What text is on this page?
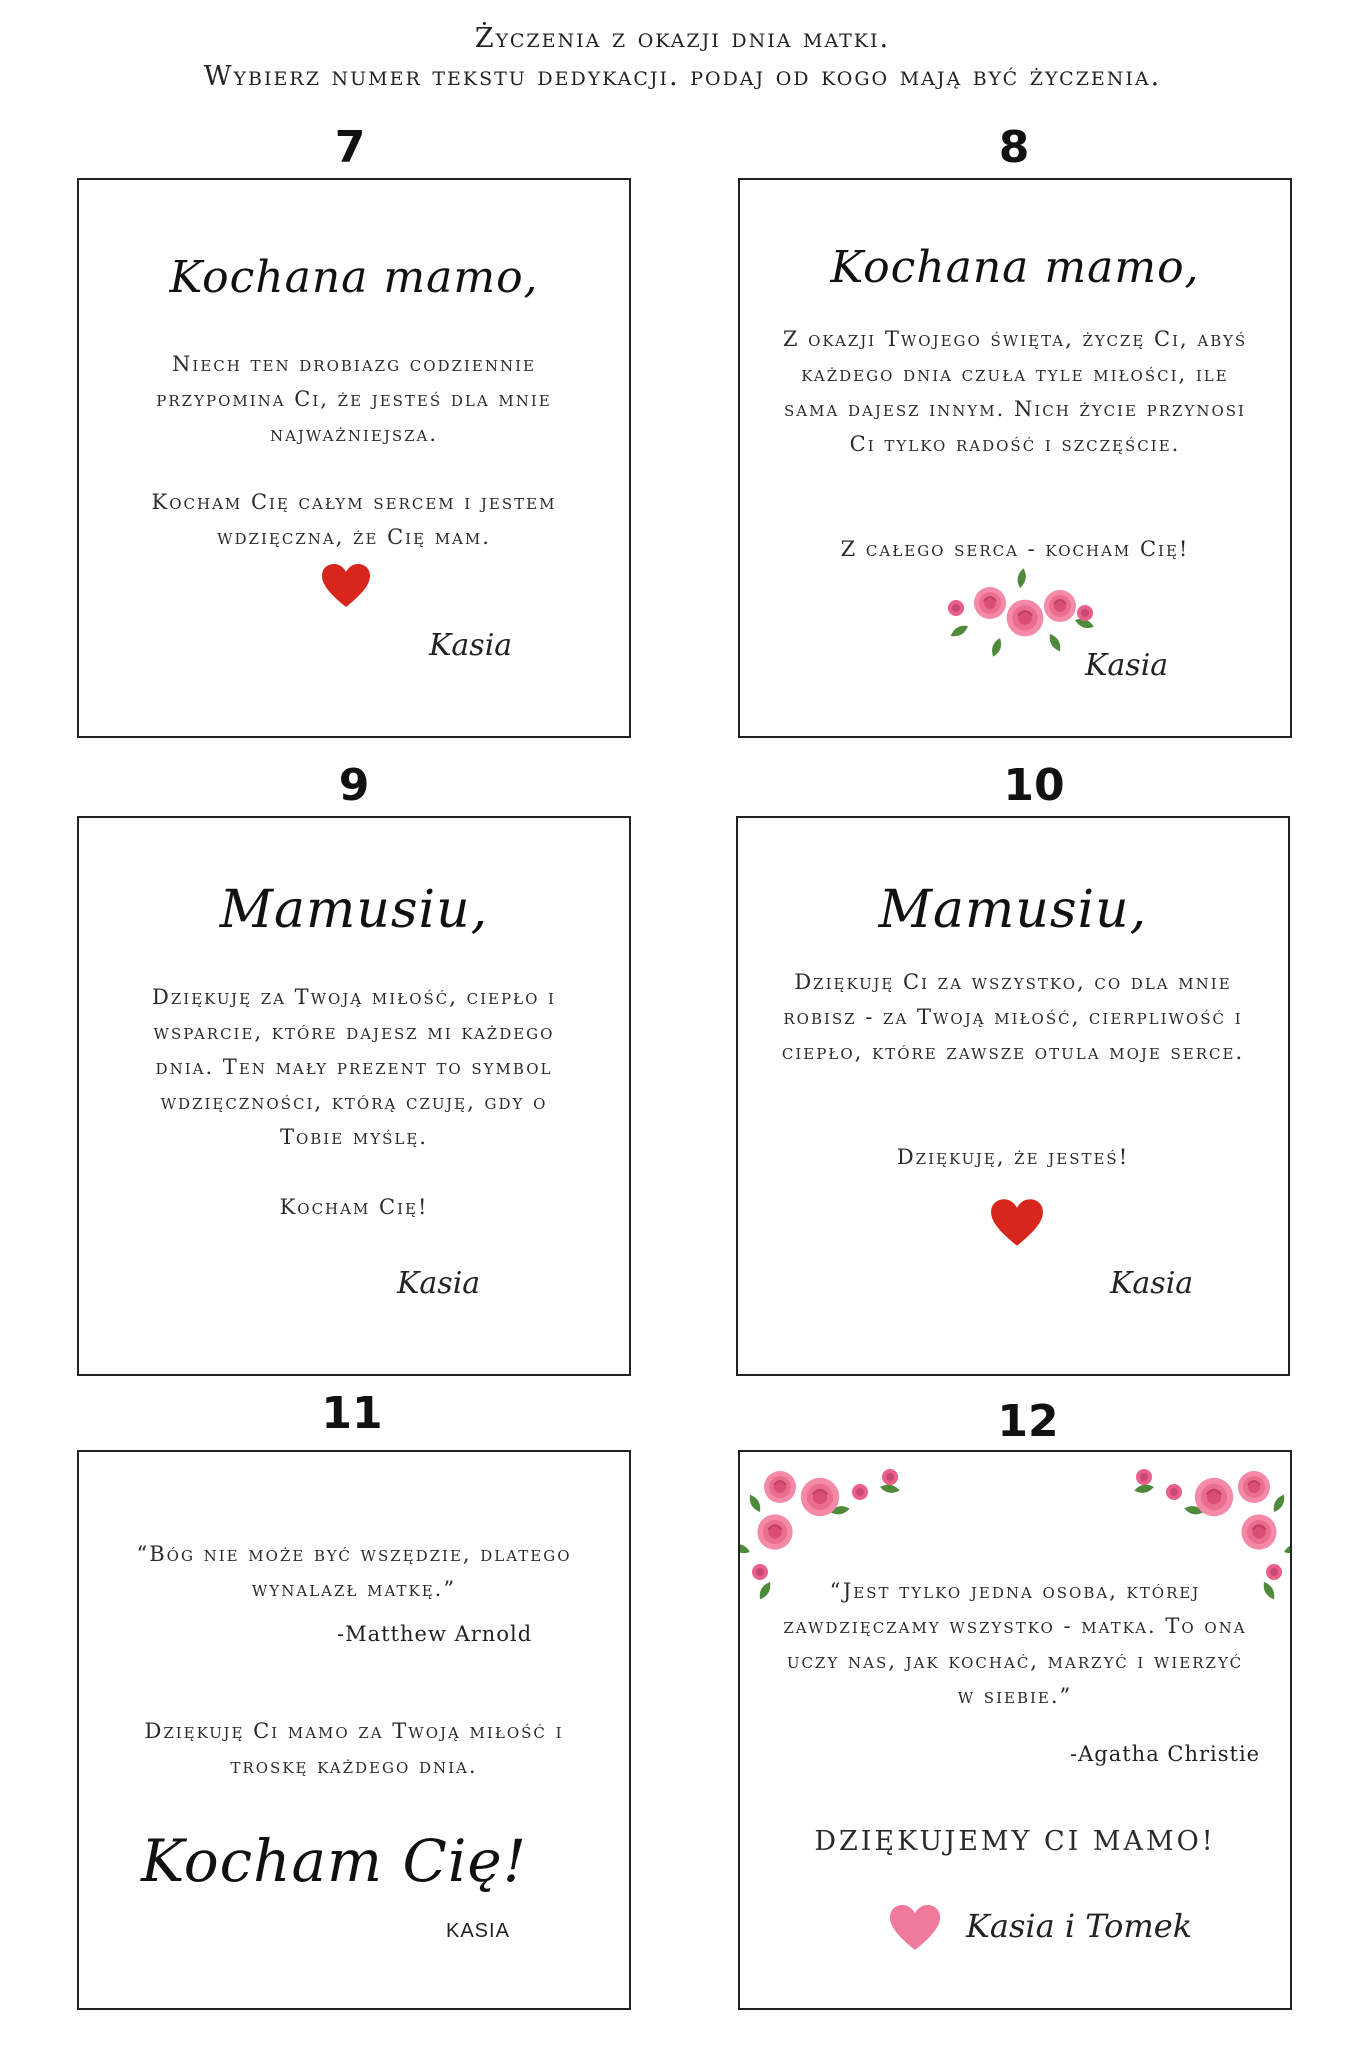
Życzenia z okazji dnia matki.
Wybierz numer tekstu dedykacji. podaj od kogo mają być życzenia.
7
Kochana mamo,
Niech ten drobiazg codziennie przypomina Ci, że jesteś dla mnie najważniejsza.
Kocham Cię całym sercem i jestem wdzięczna, że Cię mam.
Kasia
8
Kochana mamo,
Z okazji Twojego święta, życzę Ci, abyś każdego dnia czuła tyle miłości, ile sama dajesz innym. Nich życie przynosi Ci tylko radość i szczęście.
Z całego serca - kocham Cię!
Kasia
9
Mamusiu,
Dziękuję za Twoją miłość, ciepło i wsparcie, które dajesz mi każdego dnia. Ten mały prezent to symbol wdzięczności, którą czuję, gdy o Tobie myślę.
Kocham Cię!
Kasia
10
Mamusiu,
Dziękuję Ci za wszystko, co dla mnie robisz - za Twoją miłość, cierpliwość i ciepło, które zawsze otula moje serce.
Dziękuję, że jesteś!
Kasia
11
“Bóg nie może być wszędzie, dlatego wynalazł matkę.”
-Matthew Arnold
Dziękuję Ci mamo za Twoją miłość i troskę każdego dnia.
Kocham Cię!
KASIA
12
“Jest tylko jedna osoba, której zawdzięczamy wszystko - matka. To ona uczy nas, jak kochać, marzyć i wierzyć w siebie.”
-Agatha Christie
DZIĘKUJEMY CI MAMO!
Kasia i Tomek
